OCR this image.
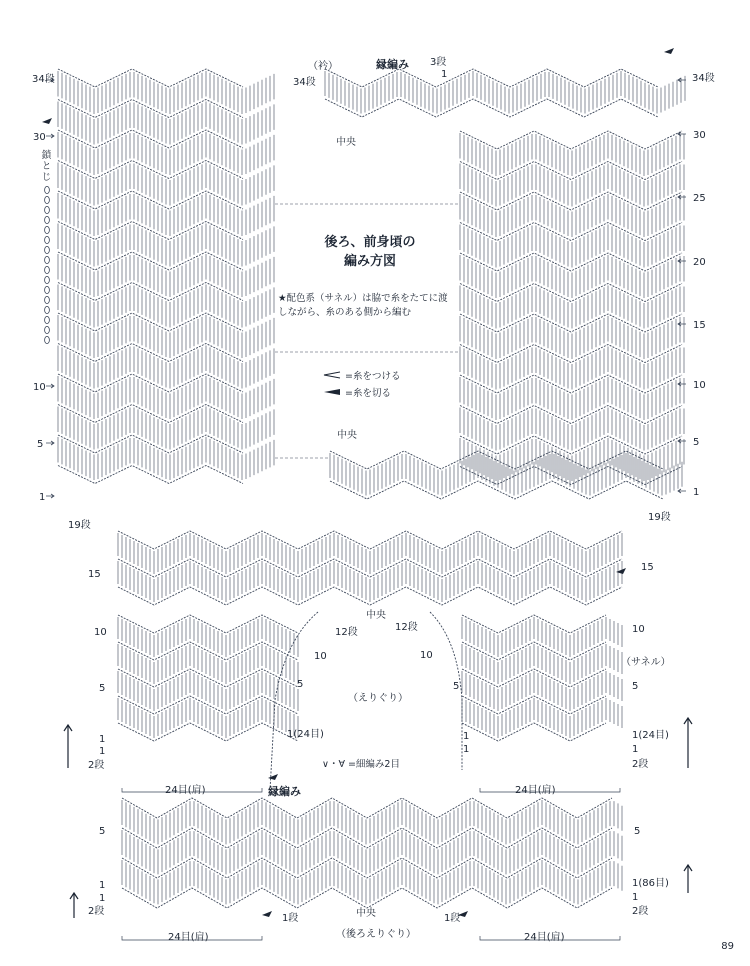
後ろ、前身頃の
編み方図
★配色系（サネル）は脇で糸をたてに渡しながら、糸のある側から編む
=糸をつける
=糸を切る
∨・∀ =細編み2目
34段	34段	34段
（衿）	縁編み 3段
1
中央
鎖とじ
30	30
25
20
15
10	10
5	5
1	1
中央
19段
19段
15
15
10	10
12段	12段
中央
10	10
（サネル）
5	5	5	5
（えりぐり）
1
1
2段
1(24目)	1(24目)
1
1	1
2段
24目(肩)	24目(肩)
縁編み
5	5
1
1
2段
1(86目)
1
2段
1段	1段
中央
（後ろえりぐり）
24目(肩)	24目(肩)
89
